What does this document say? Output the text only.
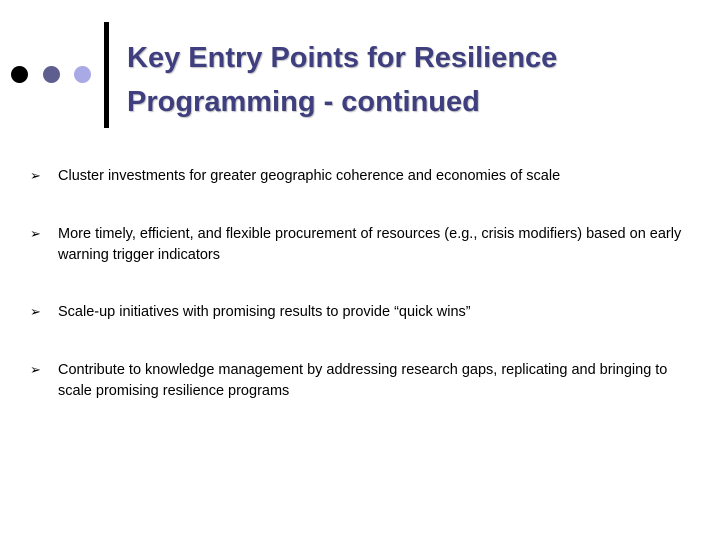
Key Entry Points for Resilience
Programming - continued
➢ Cluster investments for greater geographic coherence and economies of scale
➢ More timely, efficient, and flexible procurement of resources (e.g., crisis modifiers) based on early warning trigger indicators
➢ Scale-up initiatives with promising results to provide “quick wins”
➢ Contribute to knowledge management by addressing research gaps, replicating and bringing to scale promising resilience programs
